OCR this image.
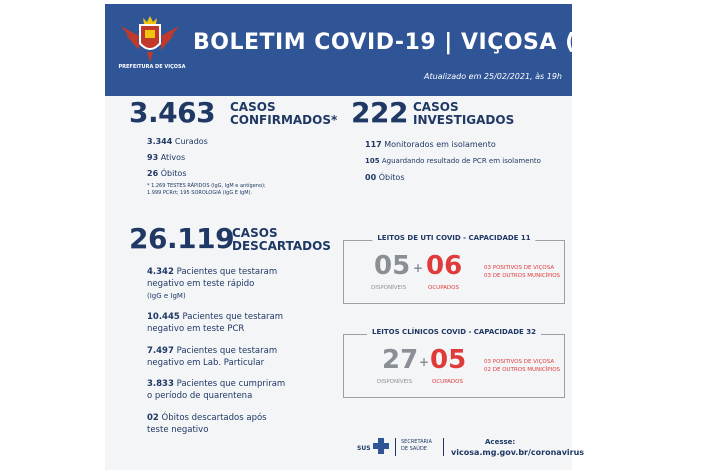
PREFEITURA DE VIÇOSA
BOLETIM COVID-19 | VIÇOSA (MG)
Atualizado em 25/02/2021, às 19h
3.463 CASOS
CONFIRMADOS*
3.344 Curados
93 Ativos
26 Óbitos
* 1.269 TESTES RÁPIDOS (IgG, IgM e antígeno);
1.999 PCRrt; 195 SOROLOGIA (IgG E IgM).
222 CASOS
INVESTIGADOS
117 Monitorados em isolamento
105 Aguardando resultado de PCR em isolamento
00 Óbitos
26.119
CASOS
DESCARTADOS
4.342 Pacientes que testaram
negativo em teste rápido
(IgG e IgM)
10.445 Pacientes que testaram
negativo em teste PCR
7.497 Pacientes que testaram
negativo em Lab. Particular
3.833 Pacientes que cumpriram
o período de quarentena
02 Óbitos descartados após
teste negativo
LEITOS DE UTI COVID - CAPACIDADE 11
05 + 06
DISPONÍVEIS	OCUPADOS
03 POSITIVOS DE VIÇOSA
03 DE OUTROS MUNICÍPIOS
LEITOS CLÍNICOS COVID - CAPACIDADE 32
27 + 05
DISPONÍVEIS	OCUPADOS
03 POSITIVOS DE VIÇOSA
02 DE OUTROS MUNICÍPIOS
SUS
SECRETARIA
DE SAÚDE
Acesse:
vicosa.mg.gov.br/coronavirus
